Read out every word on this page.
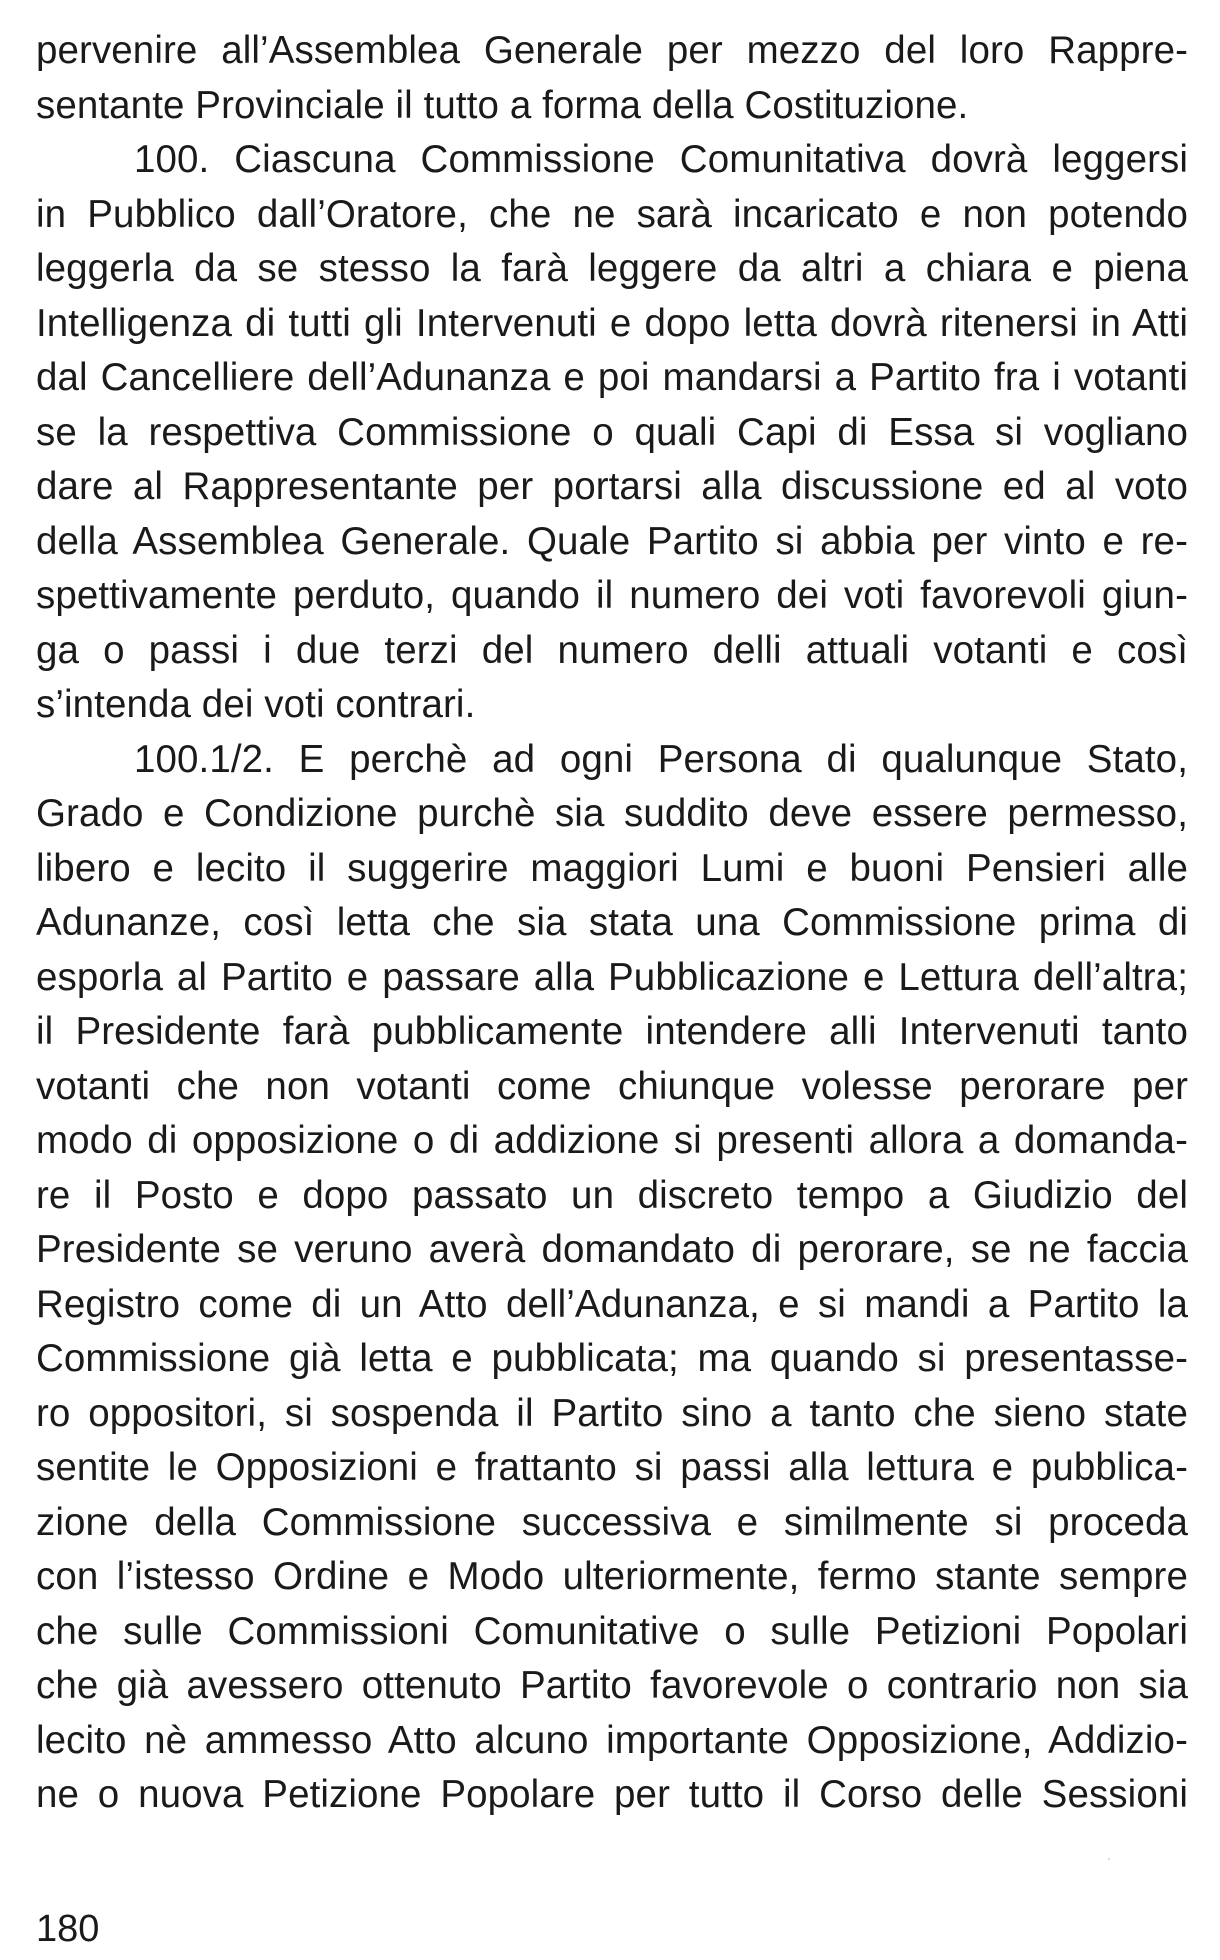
pervenire all’Assemblea Generale per mezzo del loro Rappre-
sentante Provinciale il tutto a forma della Costituzione.
100. Ciascuna Commissione Comunitativa dovrà leggersi
in Pubblico dall’Oratore, che ne sarà incaricato e non potendo
leggerla da se stesso la farà leggere da altri a chiara e piena
Intelligenza di tutti gli Intervenuti e dopo letta dovrà ritenersi in Atti
dal Cancelliere dell’Adunanza e poi mandarsi a Partito fra i votanti
se la respettiva Commissione o quali Capi di Essa si vogliano
dare al Rappresentante per portarsi alla discussione ed al voto
della Assemblea Generale. Quale Partito si abbia per vinto e re-
spettivamente perduto, quando il numero dei voti favorevoli giun-
ga o passi i due terzi del numero delli attuali votanti e così
s’intenda dei voti contrari.
100.1/2. E perchè ad ogni Persona di qualunque Stato,
Grado e Condizione purchè sia suddito deve essere permesso,
libero e lecito il suggerire maggiori Lumi e buoni Pensieri alle
Adunanze, così letta che sia stata una Commissione prima di
esporla al Partito e passare alla Pubblicazione e Lettura dell’altra;
il Presidente farà pubblicamente intendere alli Intervenuti tanto
votanti che non votanti come chiunque volesse perorare per
modo di opposizione o di addizione si presenti allora a domanda-
re il Posto e dopo passato un discreto tempo a Giudizio del
Presidente se veruno averà domandato di perorare, se ne faccia
Registro come di un Atto dell’Adunanza, e si mandi a Partito la
Commissione già letta e pubblicata; ma quando si presentasse-
ro oppositori, si sospenda il Partito sino a tanto che sieno state
sentite le Opposizioni e frattanto si passi alla lettura e pubblica-
zione della Commissione successiva e similmente si proceda
con l’istesso Ordine e Modo ulteriormente, fermo stante sempre
che sulle Commissioni Comunitative o sulle Petizioni Popolari
che già avessero ottenuto Partito favorevole o contrario non sia
lecito nè ammesso Atto alcuno importante Opposizione, Addizio-
ne o nuova Petizione Popolare per tutto il Corso delle Sessioni
180
